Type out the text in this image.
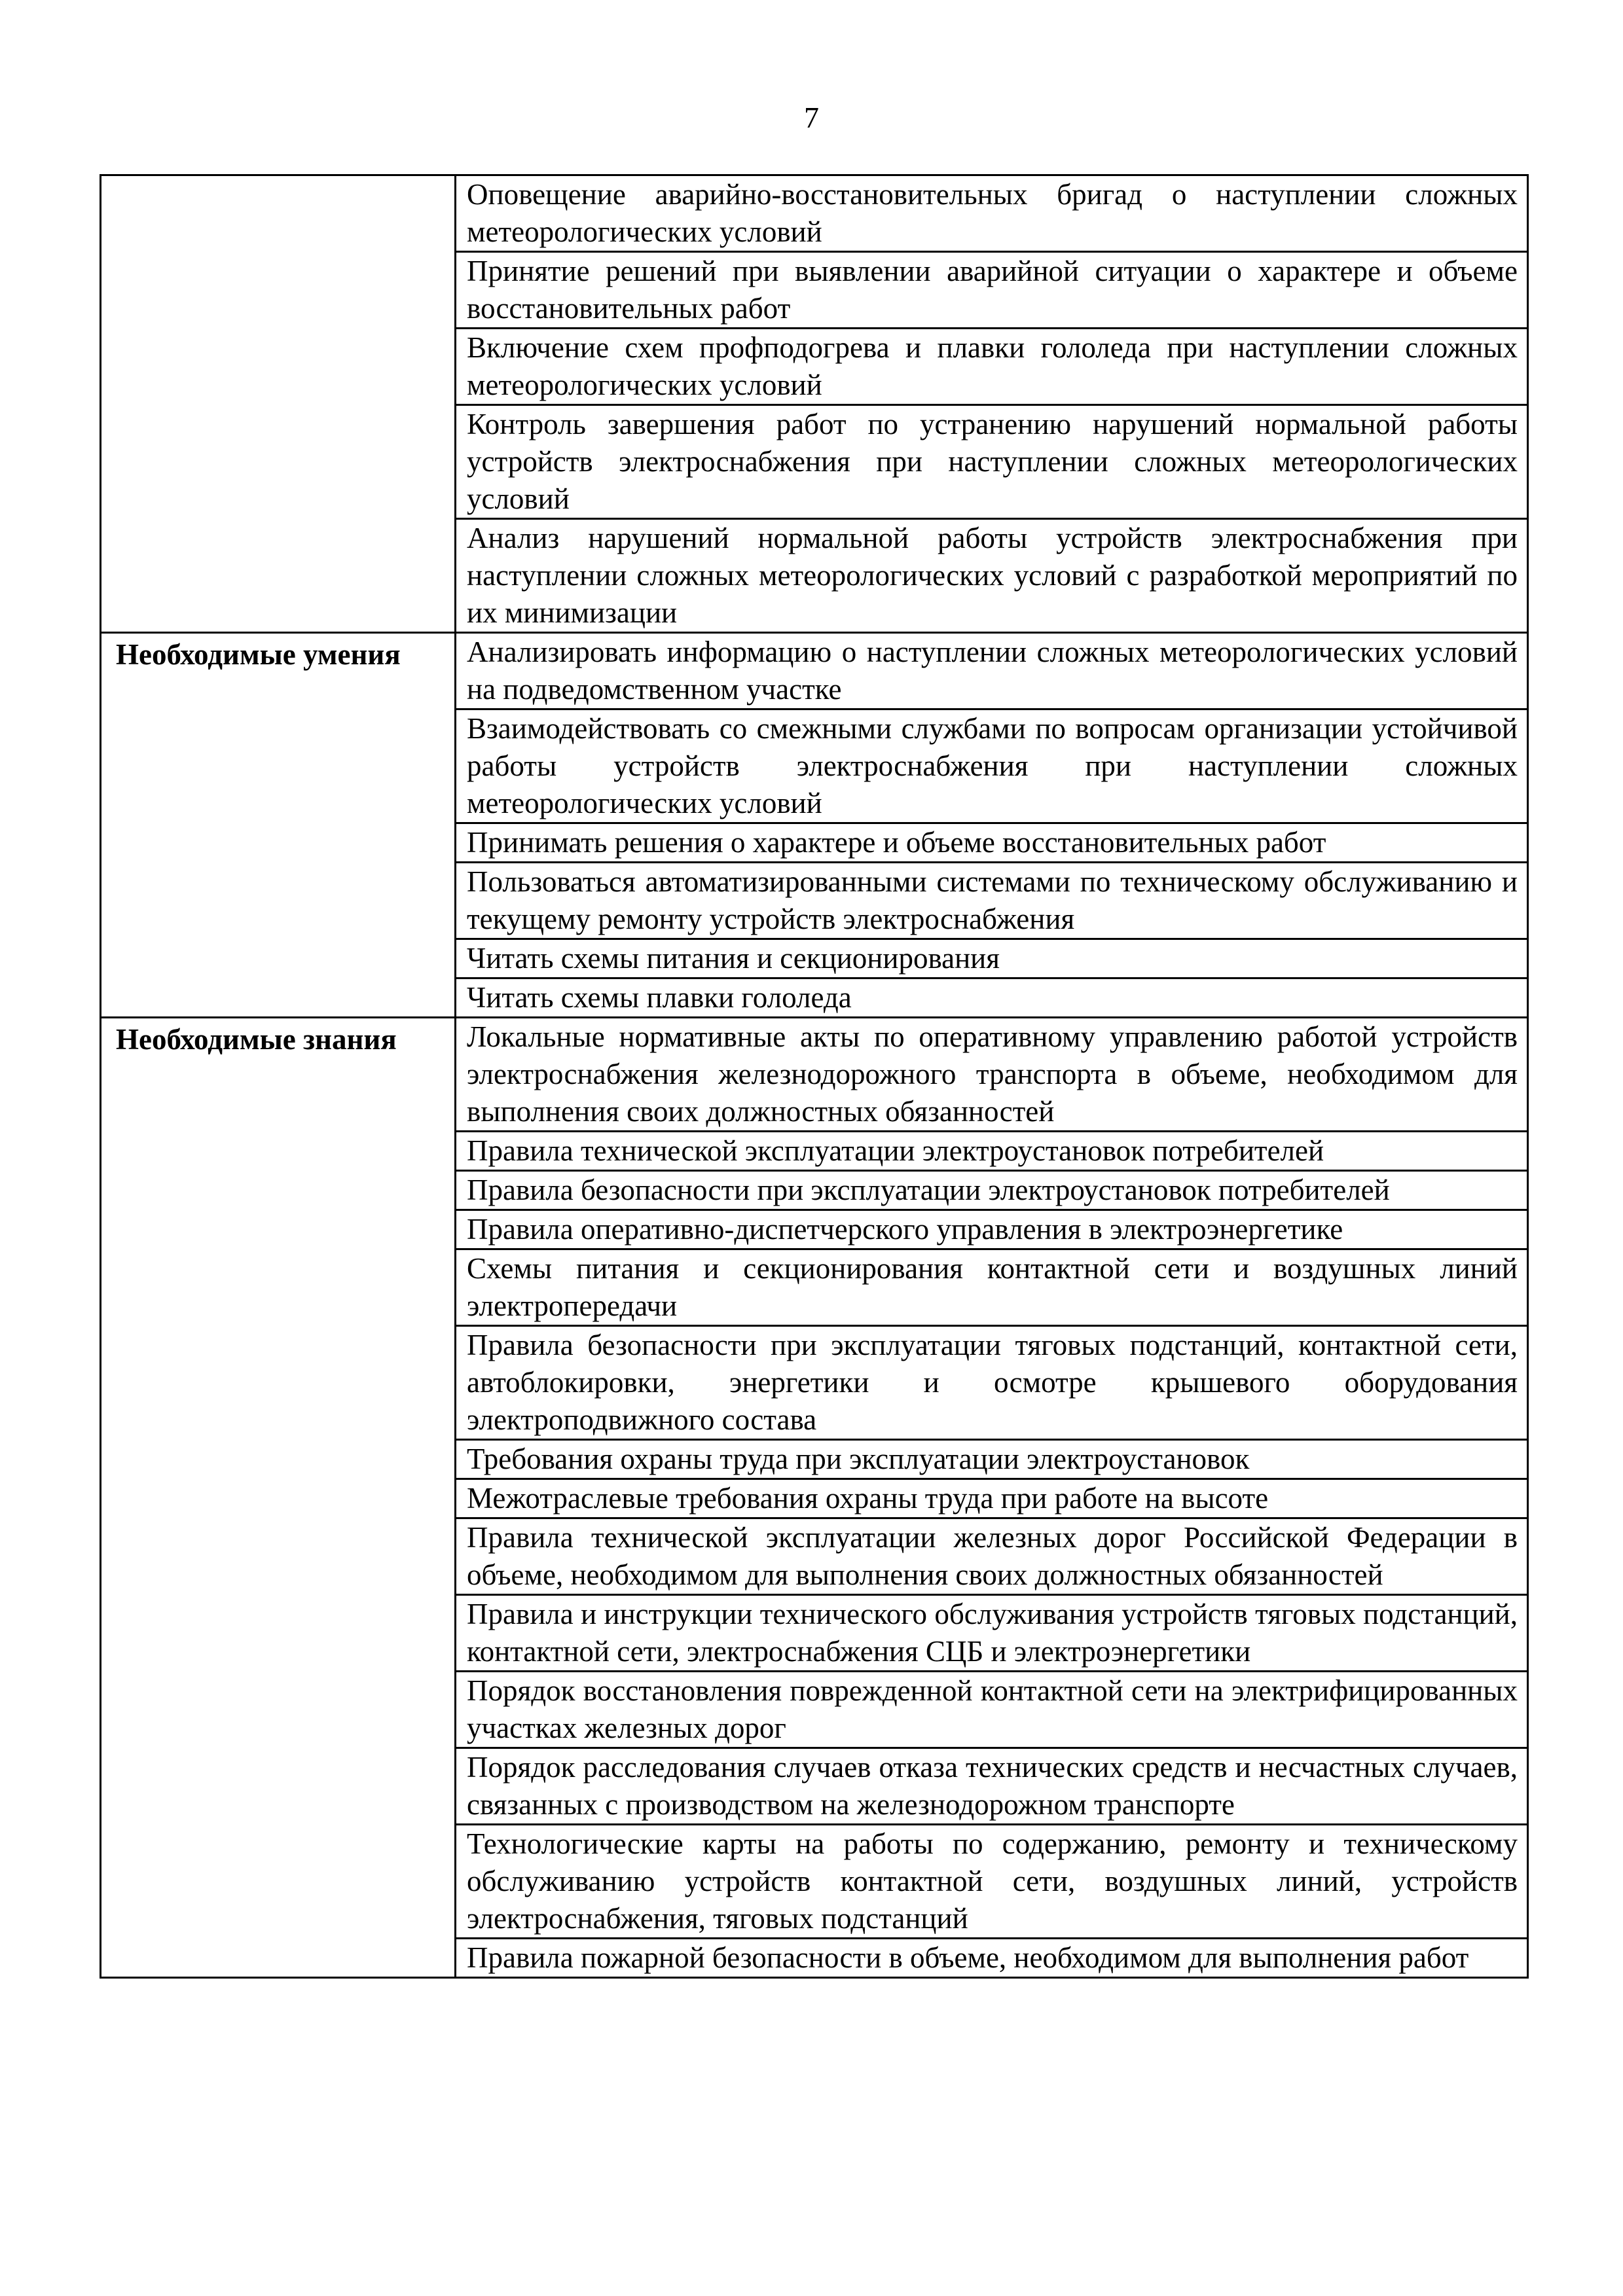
7

	Оповещение аварийно-восстановительных бригад о наступлении сложных метеорологических условий

	Принятие решений при выявлении аварийной ситуации о характере и объеме восстановительных работ

	Включение схем профподогрева и плавки гололеда при наступлении сложных метеорологических условий

	Контроль завершения работ по устранению нарушений нормальной работы устройств электроснабжения при наступлении сложных метеорологических условий

	Анализ нарушений нормальной работы устройств электроснабжения при наступлении сложных метеорологических условий с разработкой мероприятий по их минимизации

Необходимые умения	Анализировать информацию о наступлении сложных метеорологических условий на подведомственном участке

	Взаимодействовать со смежными службами по вопросам организации устойчивой работы устройств электроснабжения при наступлении сложных метеорологических условий

	Принимать решения о характере и объеме восстановительных работ

	Пользоваться автоматизированными системами по техническому обслуживанию и текущему ремонту устройств электроснабжения

	Читать схемы питания и секционирования

	Читать схемы плавки гололеда

Необходимые знания	Локальные нормативные акты по оперативному управлению работой устройств электроснабжения железнодорожного транспорта в объеме, необходимом для выполнения своих должностных обязанностей

	Правила технической эксплуатации электроустановок потребителей

	Правила безопасности при эксплуатации электроустановок потребителей

	Правила оперативно-диспетчерского управления в электроэнергетике

	Схемы питания и секционирования контактной сети и воздушных линий электропередачи

	Правила безопасности при эксплуатации тяговых подстанций, контактной сети, автоблокировки, энергетики и осмотре крышевого оборудования электроподвижного состава

	Требования охраны труда при эксплуатации электроустановок

	Межотраслевые требования охраны труда при работе на высоте

	Правила технической эксплуатации железных дорог Российской Федерации в объеме, необходимом для выполнения своих должностных обязанностей

	Правила и инструкции технического обслуживания устройств тяговых подстанций, контактной сети, электроснабжения СЦБ и электроэнергетики

	Порядок восстановления поврежденной контактной сети на электрифицированных участках железных дорог

	Порядок расследования случаев отказа технических средств и несчастных случаев, связанных с производством на железнодорожном транспорте

	Технологические карты на работы по содержанию, ремонту и техническому обслуживанию устройств контактной сети, воздушных линий, устройств электроснабжения, тяговых подстанций

	Правила пожарной безопасности в объеме, необходимом для выполнения работ
